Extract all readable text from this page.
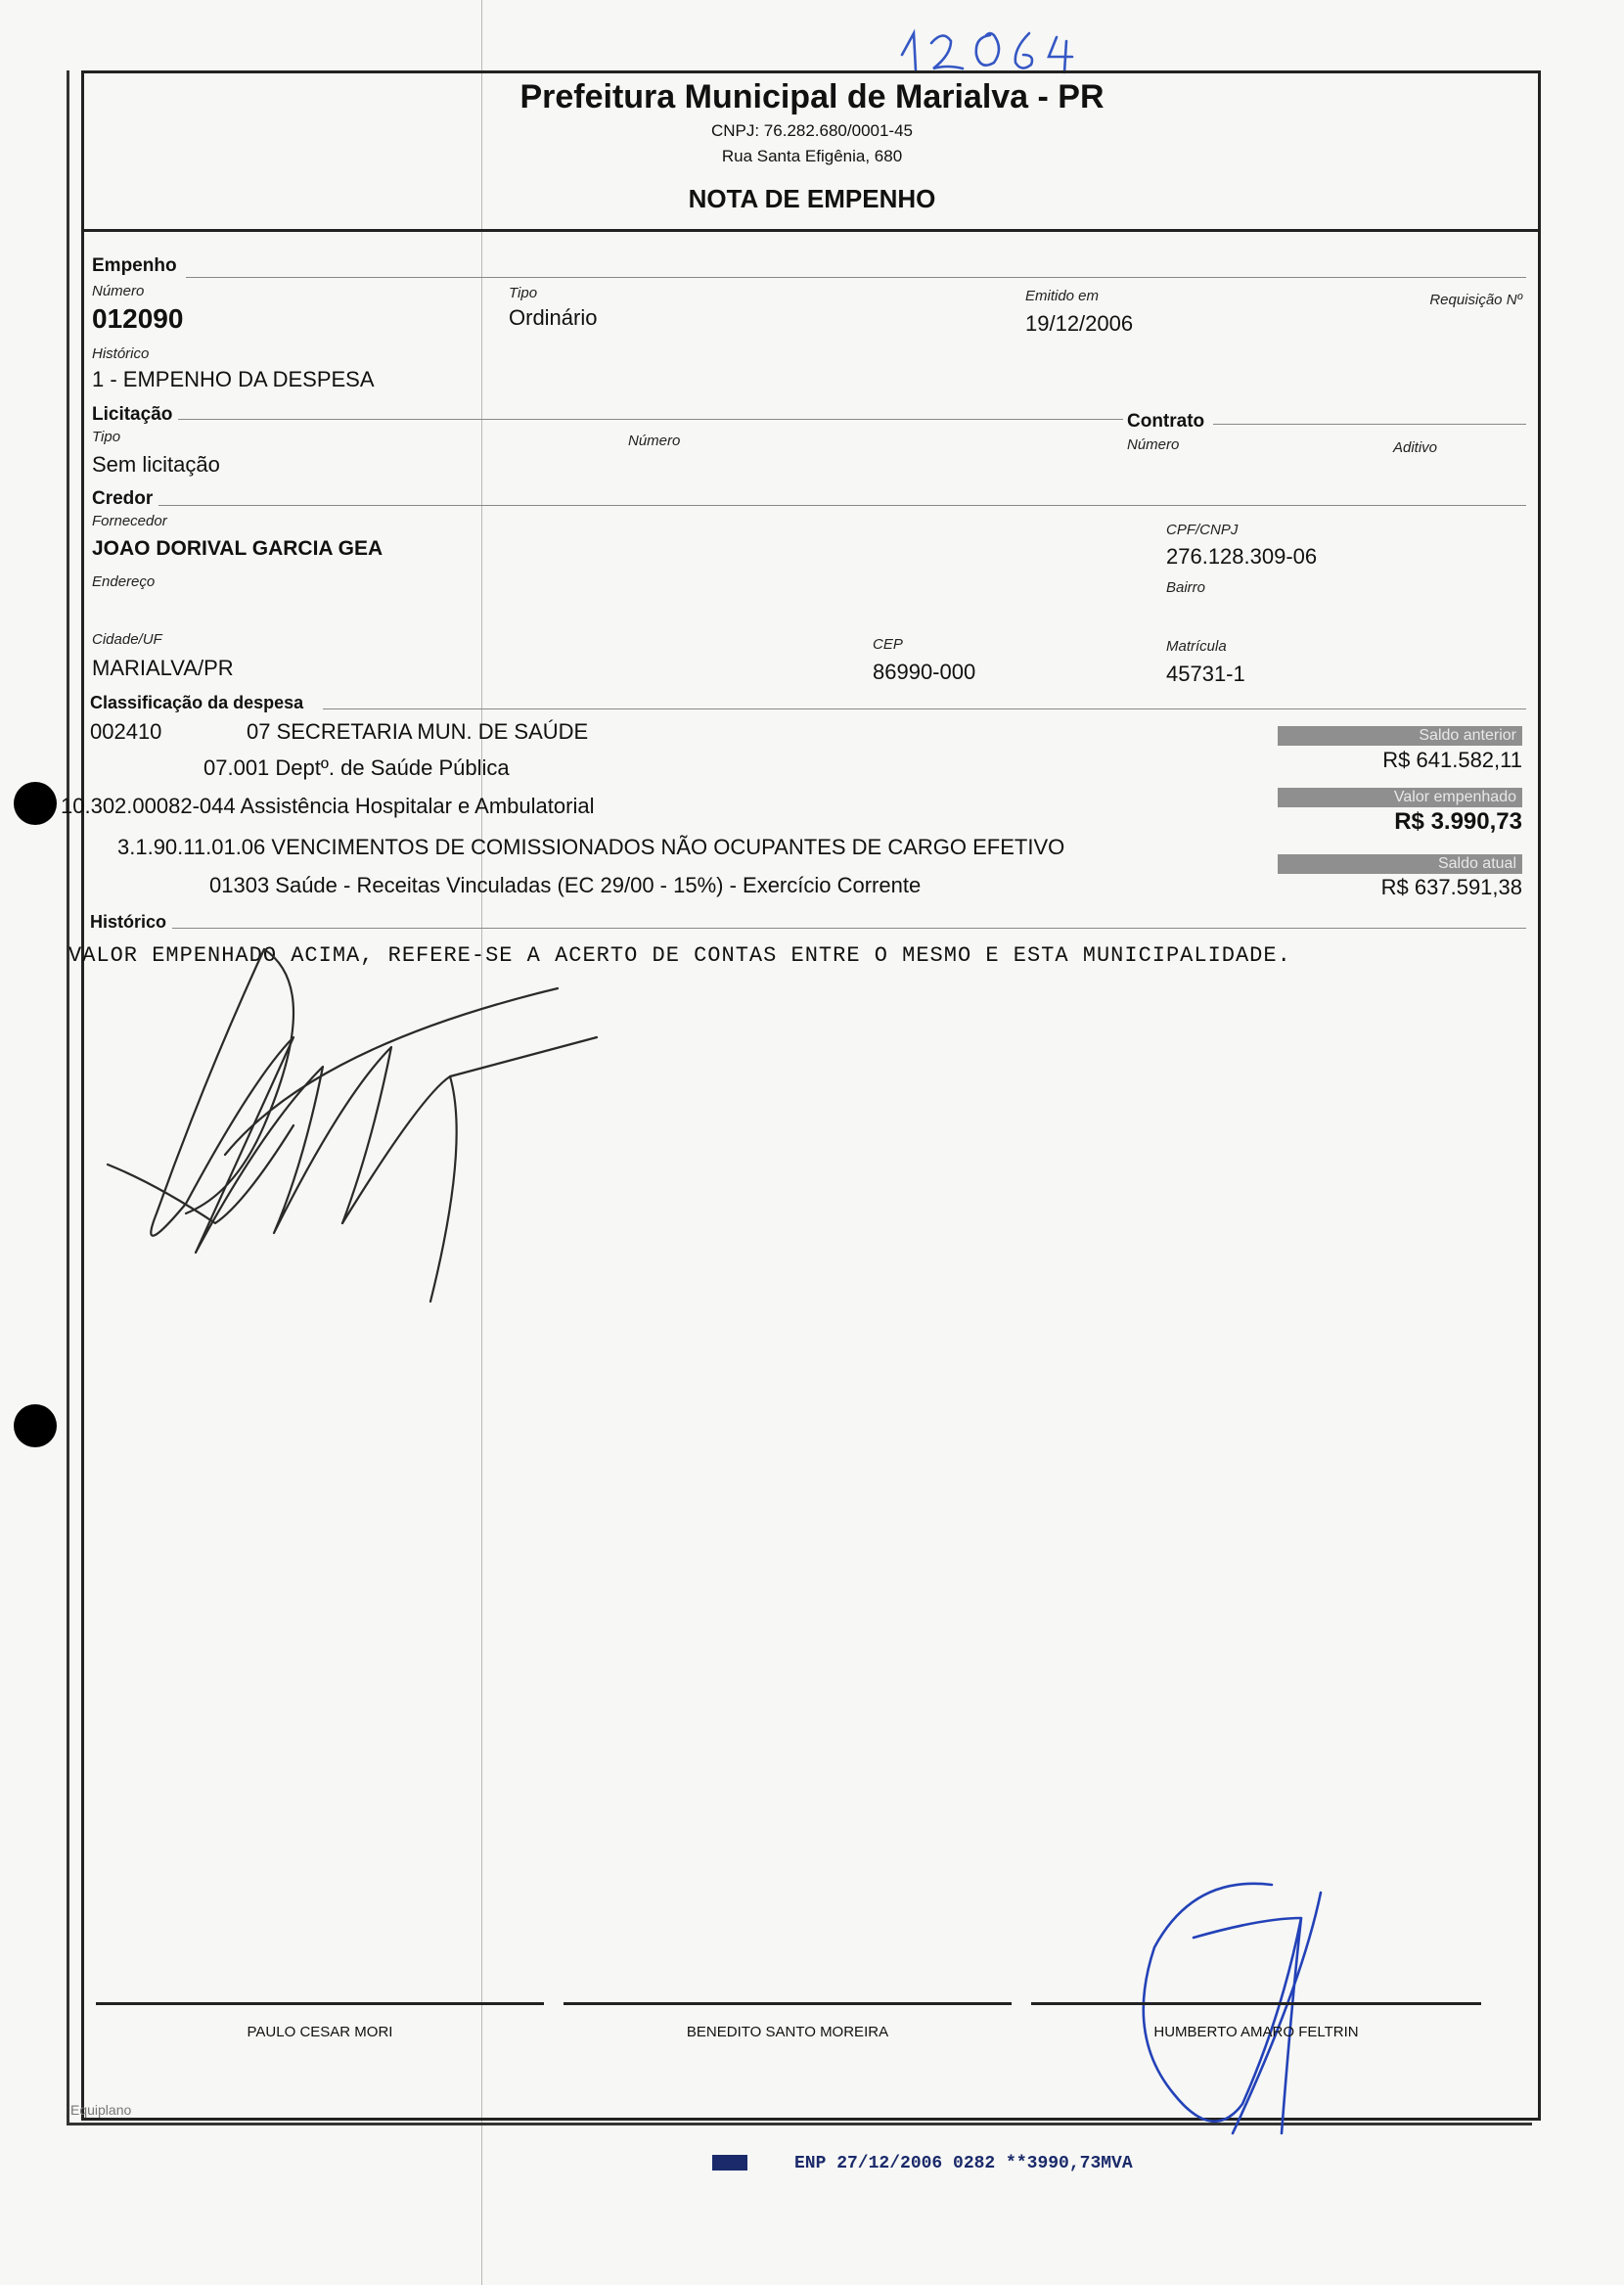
Prefeitura Municipal de Marialva - PR
CNPJ: 76.282.680/0001-45
Rua Santa Efigênia, 680
NOTA DE EMPENHO
Empenho
Número
012090
Tipo
Ordinário
Emitido em
19/12/2006
Requisição Nº
Histórico
1 - EMPENHO DA DESPESA
Licitação
Tipo
Sem licitação
Número
Contrato
Número	Aditivo
Credor
Fornecedor
JOAO DORIVAL GARCIA GEA
CPF/CNPJ
276.128.309-06
Endereço	Bairro
Cidade/UF
MARIALVA/PR
CEP
86990-000
Matrícula
45731-1
Classificação da despesa
002410	07 SECRETARIA MUN. DE SAÚDE
07.001 Deptº. de Saúde Pública
10.302.00082-044 Assistência Hospitalar e Ambulatorial
3.1.90.11.01.06 VENCIMENTOS DE COMISSIONADOS NÃO OCUPANTES DE CARGO EFETIVO
01303 Saúde - Receitas Vinculadas (EC 29/00 - 15%) - Exercício Corrente
Saldo anterior
R$ 641.582,11
Valor empenhado
R$ 3.990,73
Saldo atual
R$ 637.591,38
Histórico
VALOR EMPENHADO ACIMA, REFERE-SE A ACERTO DE CONTAS ENTRE O MESMO E ESTA MUNICIPALIDADE.
PAULO CESAR MORI	BENEDITO SANTO MOREIRA	HUMBERTO AMARO FELTRIN
Equiplano
ENP 27/12/2006 0282 **3990,73MVA
